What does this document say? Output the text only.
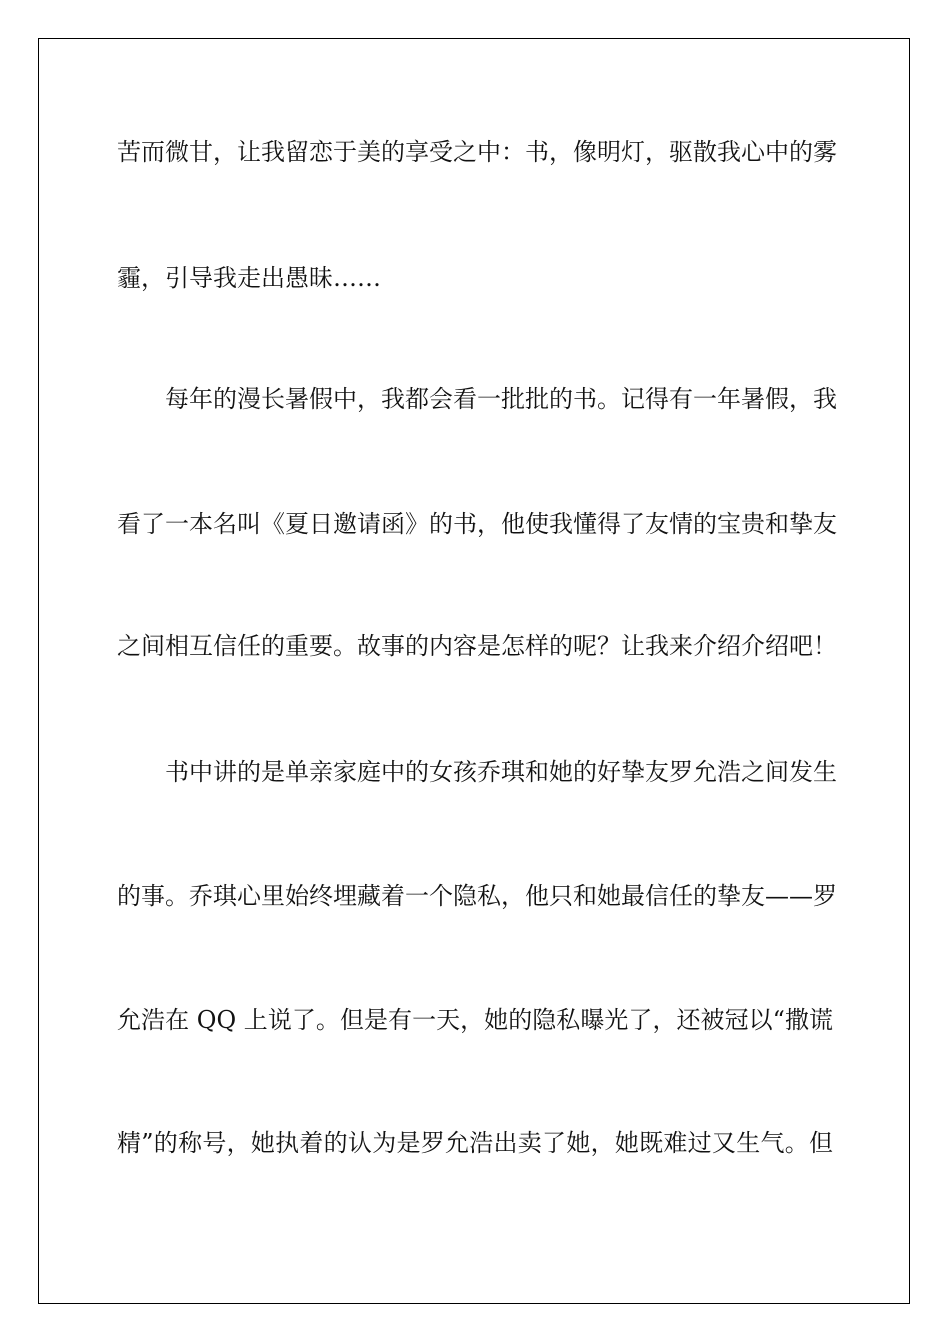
苦而微甘，让我留恋于美的享受之中：书，像明灯，驱散我心中的雾
霾，引导我走出愚昧……
每年的漫长暑假中，我都会看一批批的书。记得有一年暑假，我
看了一本名叫《夏日邀请函》的书，他使我懂得了友情的宝贵和挚友
之间相互信任的重要。故事的内容是怎样的呢？让我来介绍介绍吧！
书中讲的是单亲家庭中的女孩乔琪和她的好挚友罗允浩之间发生
的事。乔琪心里始终埋藏着一个隐私，他只和她最信任的挚友——罗
允浩在 QQ 上说了。但是有一天，她的隐私曝光了，还被冠以“撒谎
精”的称号，她执着的认为是罗允浩出卖了她，她既难过又生气。但
